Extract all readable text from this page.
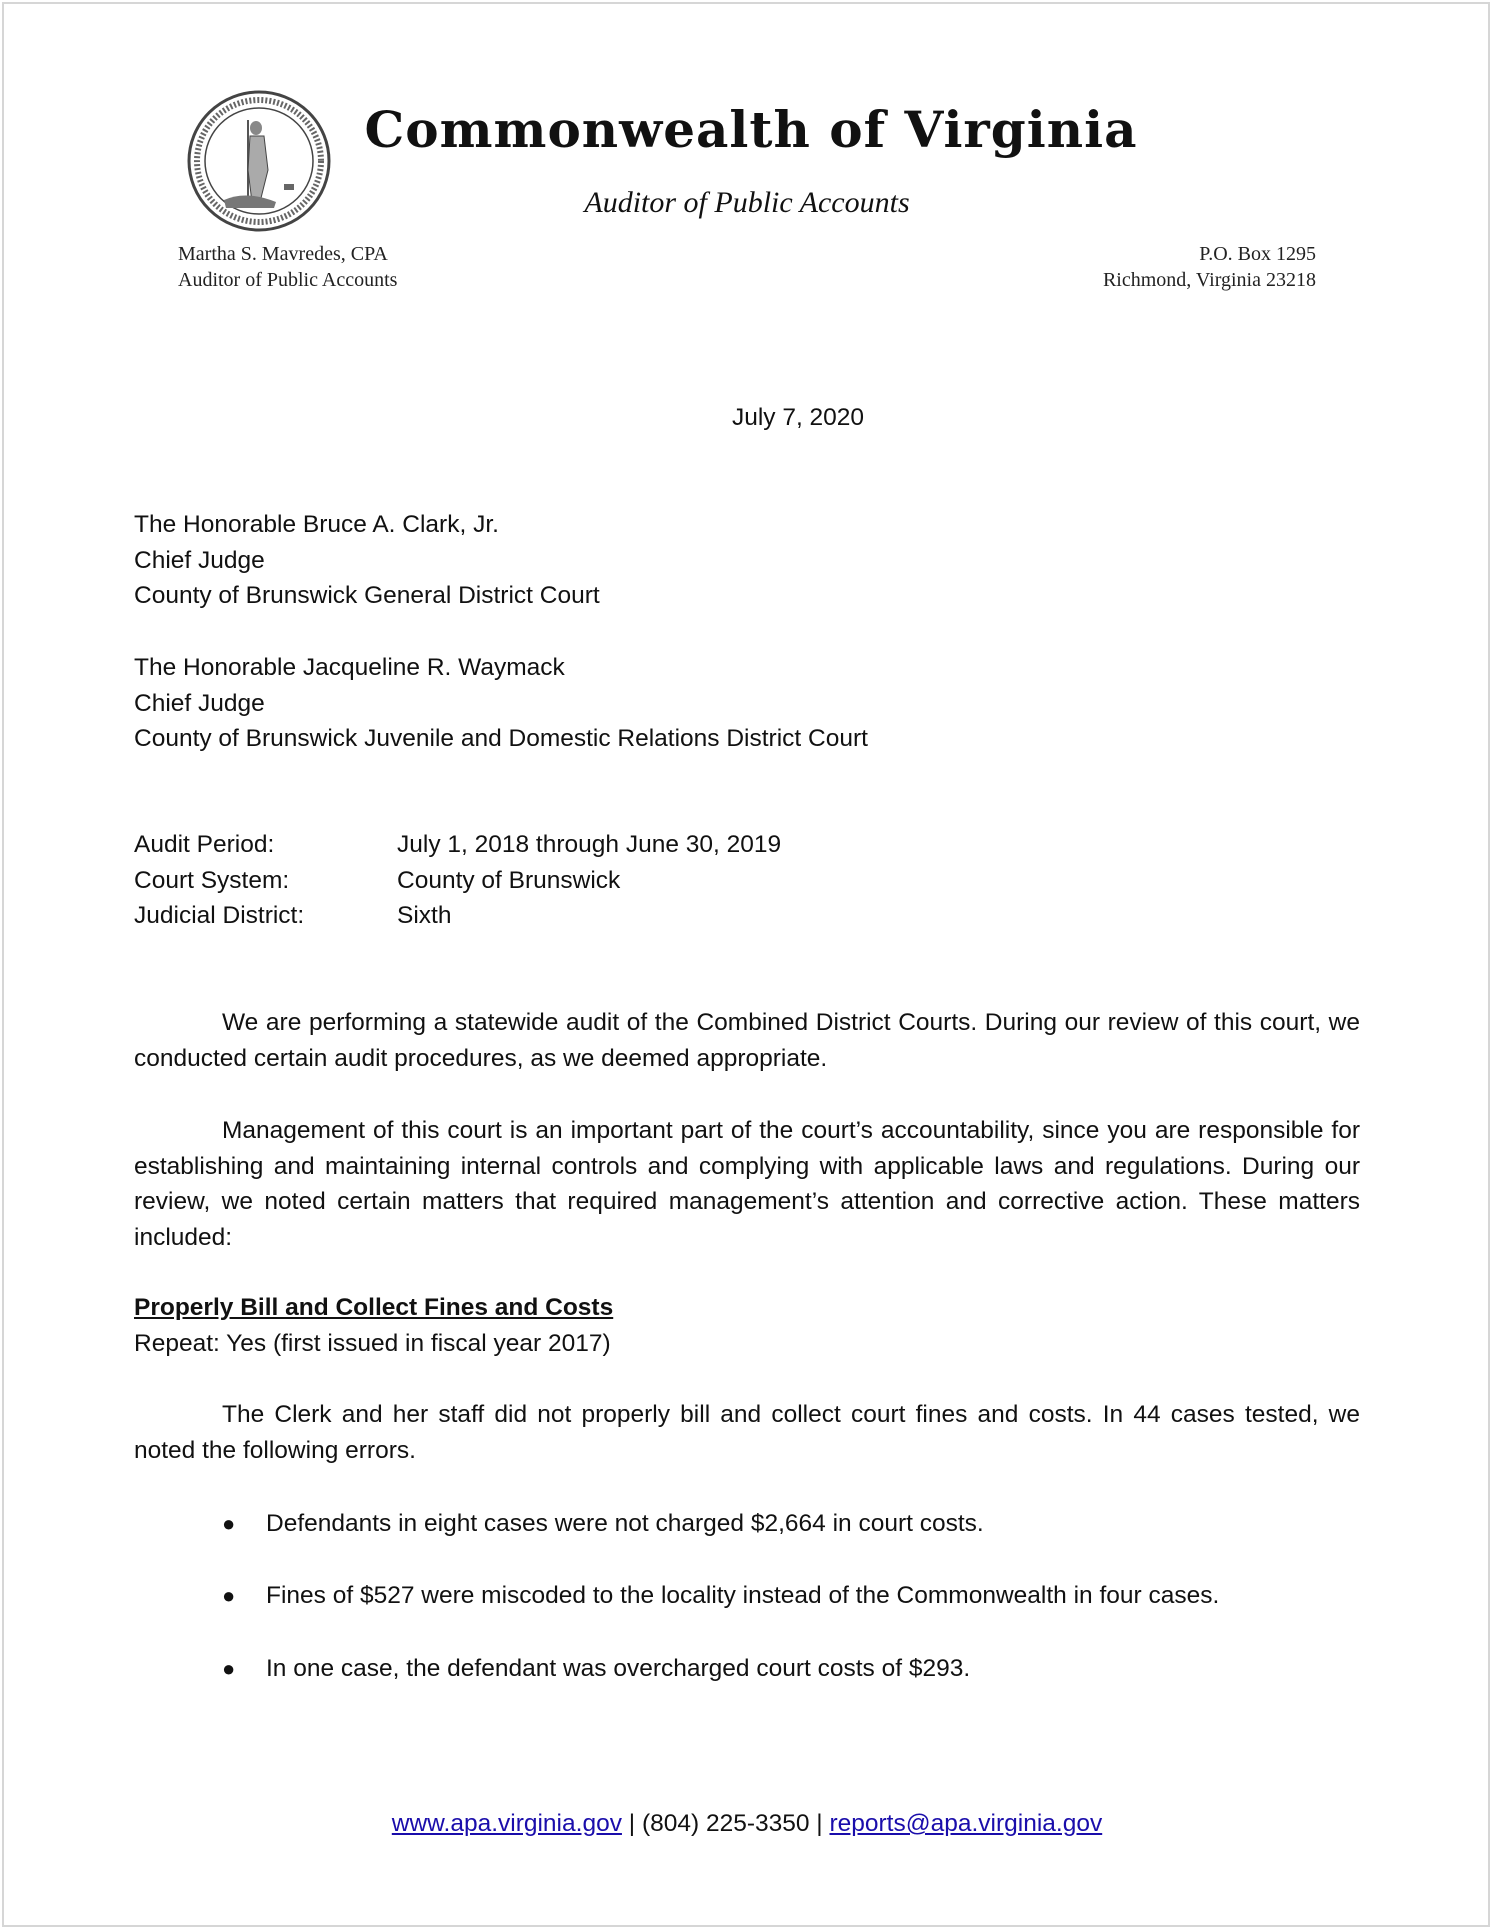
Commonwealth of Virginia
Auditor of Public Accounts
Martha S. Mavredes, CPA
Auditor of Public Accounts
P.O. Box 1295
Richmond, Virginia 23218
July 7, 2020
The Honorable Bruce A. Clark, Jr.
Chief Judge
County of Brunswick General District Court
The Honorable Jacqueline R. Waymack
Chief Judge
County of Brunswick Juvenile and Domestic Relations District Court
Audit Period:	July 1, 2018 through June 30, 2019
Court System:	County of Brunswick
Judicial District:	Sixth
We are performing a statewide audit of the Combined District Courts. During our review of this court, we conducted certain audit procedures, as we deemed appropriate.
Management of this court is an important part of the court’s accountability, since you are responsible for establishing and maintaining internal controls and complying with applicable laws and regulations. During our review, we noted certain matters that required management’s attention and corrective action. These matters included:
Properly Bill and Collect Fines and Costs
Repeat: Yes (first issued in fiscal year 2017)
The Clerk and her staff did not properly bill and collect court fines and costs. In 44 cases tested, we noted the following errors.
●	Defendants in eight cases were not charged $2,664 in court costs.
●	Fines of $527 were miscoded to the locality instead of the Commonwealth in four cases.
●	In one case, the defendant was overcharged court costs of $293.
www.apa.virginia.gov | (804) 225-3350 | reports@apa.virginia.gov
